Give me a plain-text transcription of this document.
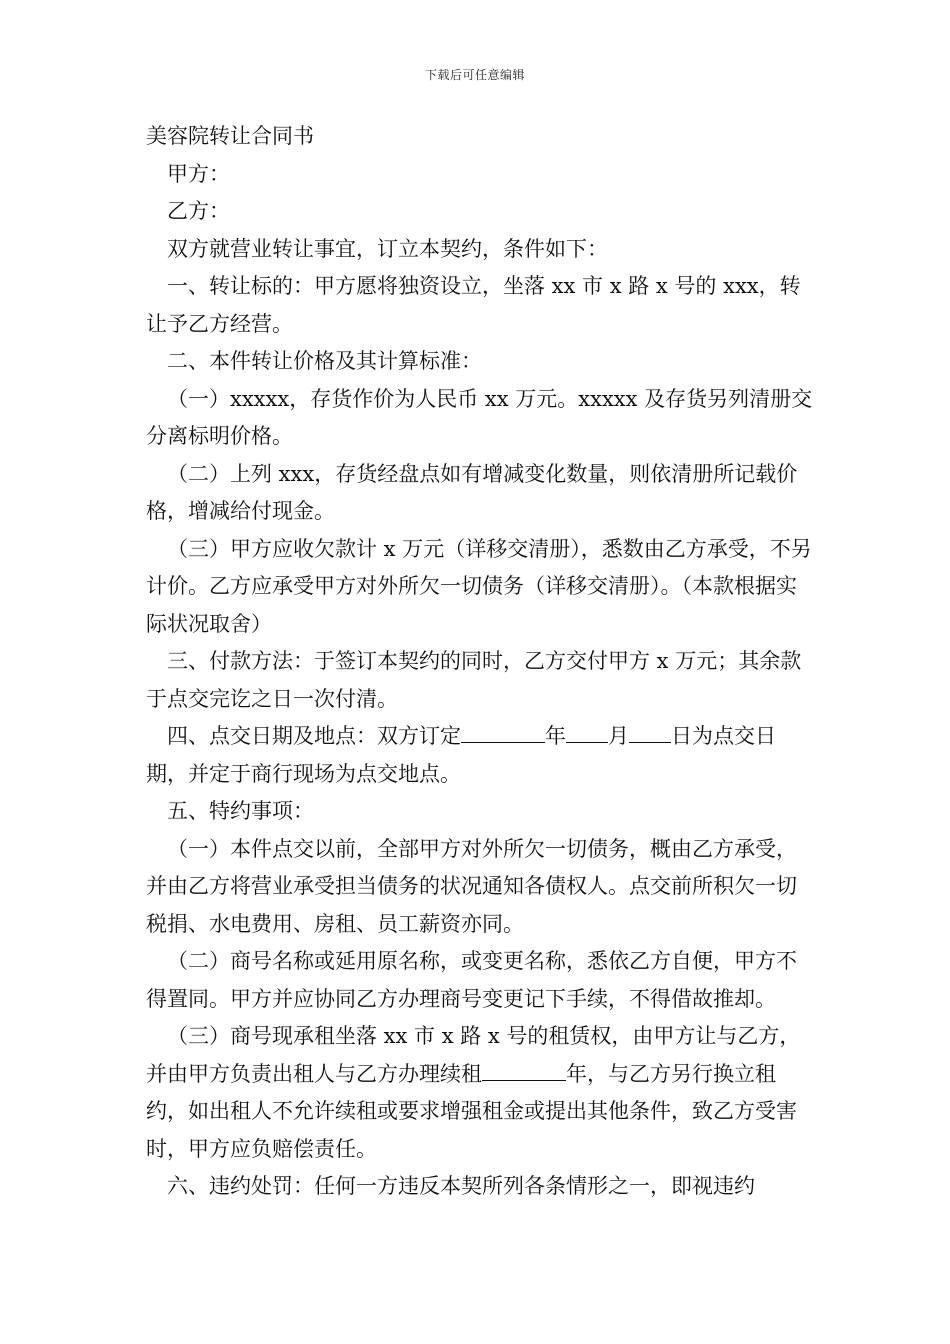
下载后可任意编辑

美容院转让合同书

甲方：

乙方：

双方就营业转让事宜，订立本契约，条件如下：

一、转让标的：甲方愿将独资设立，坐落 xx 市 x 路 x 号的 xxx，转让予乙方经营。

二、本件转让价格及其计算标准：

（一）xxxxx，存货作价为人民币 xx 万元。xxxxx 及存货另列清册交分离标明价格。

（二）上列 xxx，存货经盘点如有增减变化数量，则依清册所记载价格，增减给付现金。

（三）甲方应收欠款计 x 万元（详移交清册），悉数由乙方承受，不另计价。乙方应承受甲方对外所欠一切债务（详移交清册）。（本款根据实际状况取舍）

三、付款方法：于签订本契约的同时，乙方交付甲方 x 万元；其余款于点交完讫之日一次付清。

四、点交日期及地点：双方订定	年 月 日为点交日期，并定于商行现场为点交地点。

五、特约事项：

（一）本件点交以前，全部甲方对外所欠一切债务，概由乙方承受，并由乙方将营业承受担当债务的状况通知各债权人。点交前所积欠一切税捐、水电费用、房租、员工薪资亦同。

（二）商号名称或延用原名称，或变更名称，悉依乙方自便，甲方不得置同。甲方并应协同乙方办理商号变更记下手续，不得借故推却。

（三）商号现承租坐落 xx 市 x 路 x 号的租赁权，由甲方让与乙方，并由甲方负责出租人与乙方办理续租	年，与乙方另行换立租约，如出租人不允许续租或要求增强租金或提出其他条件，致乙方受害时，甲方应负赔偿责任。

六、违约处罚：任何一方违反本契所列各条情形之一，即视违约
